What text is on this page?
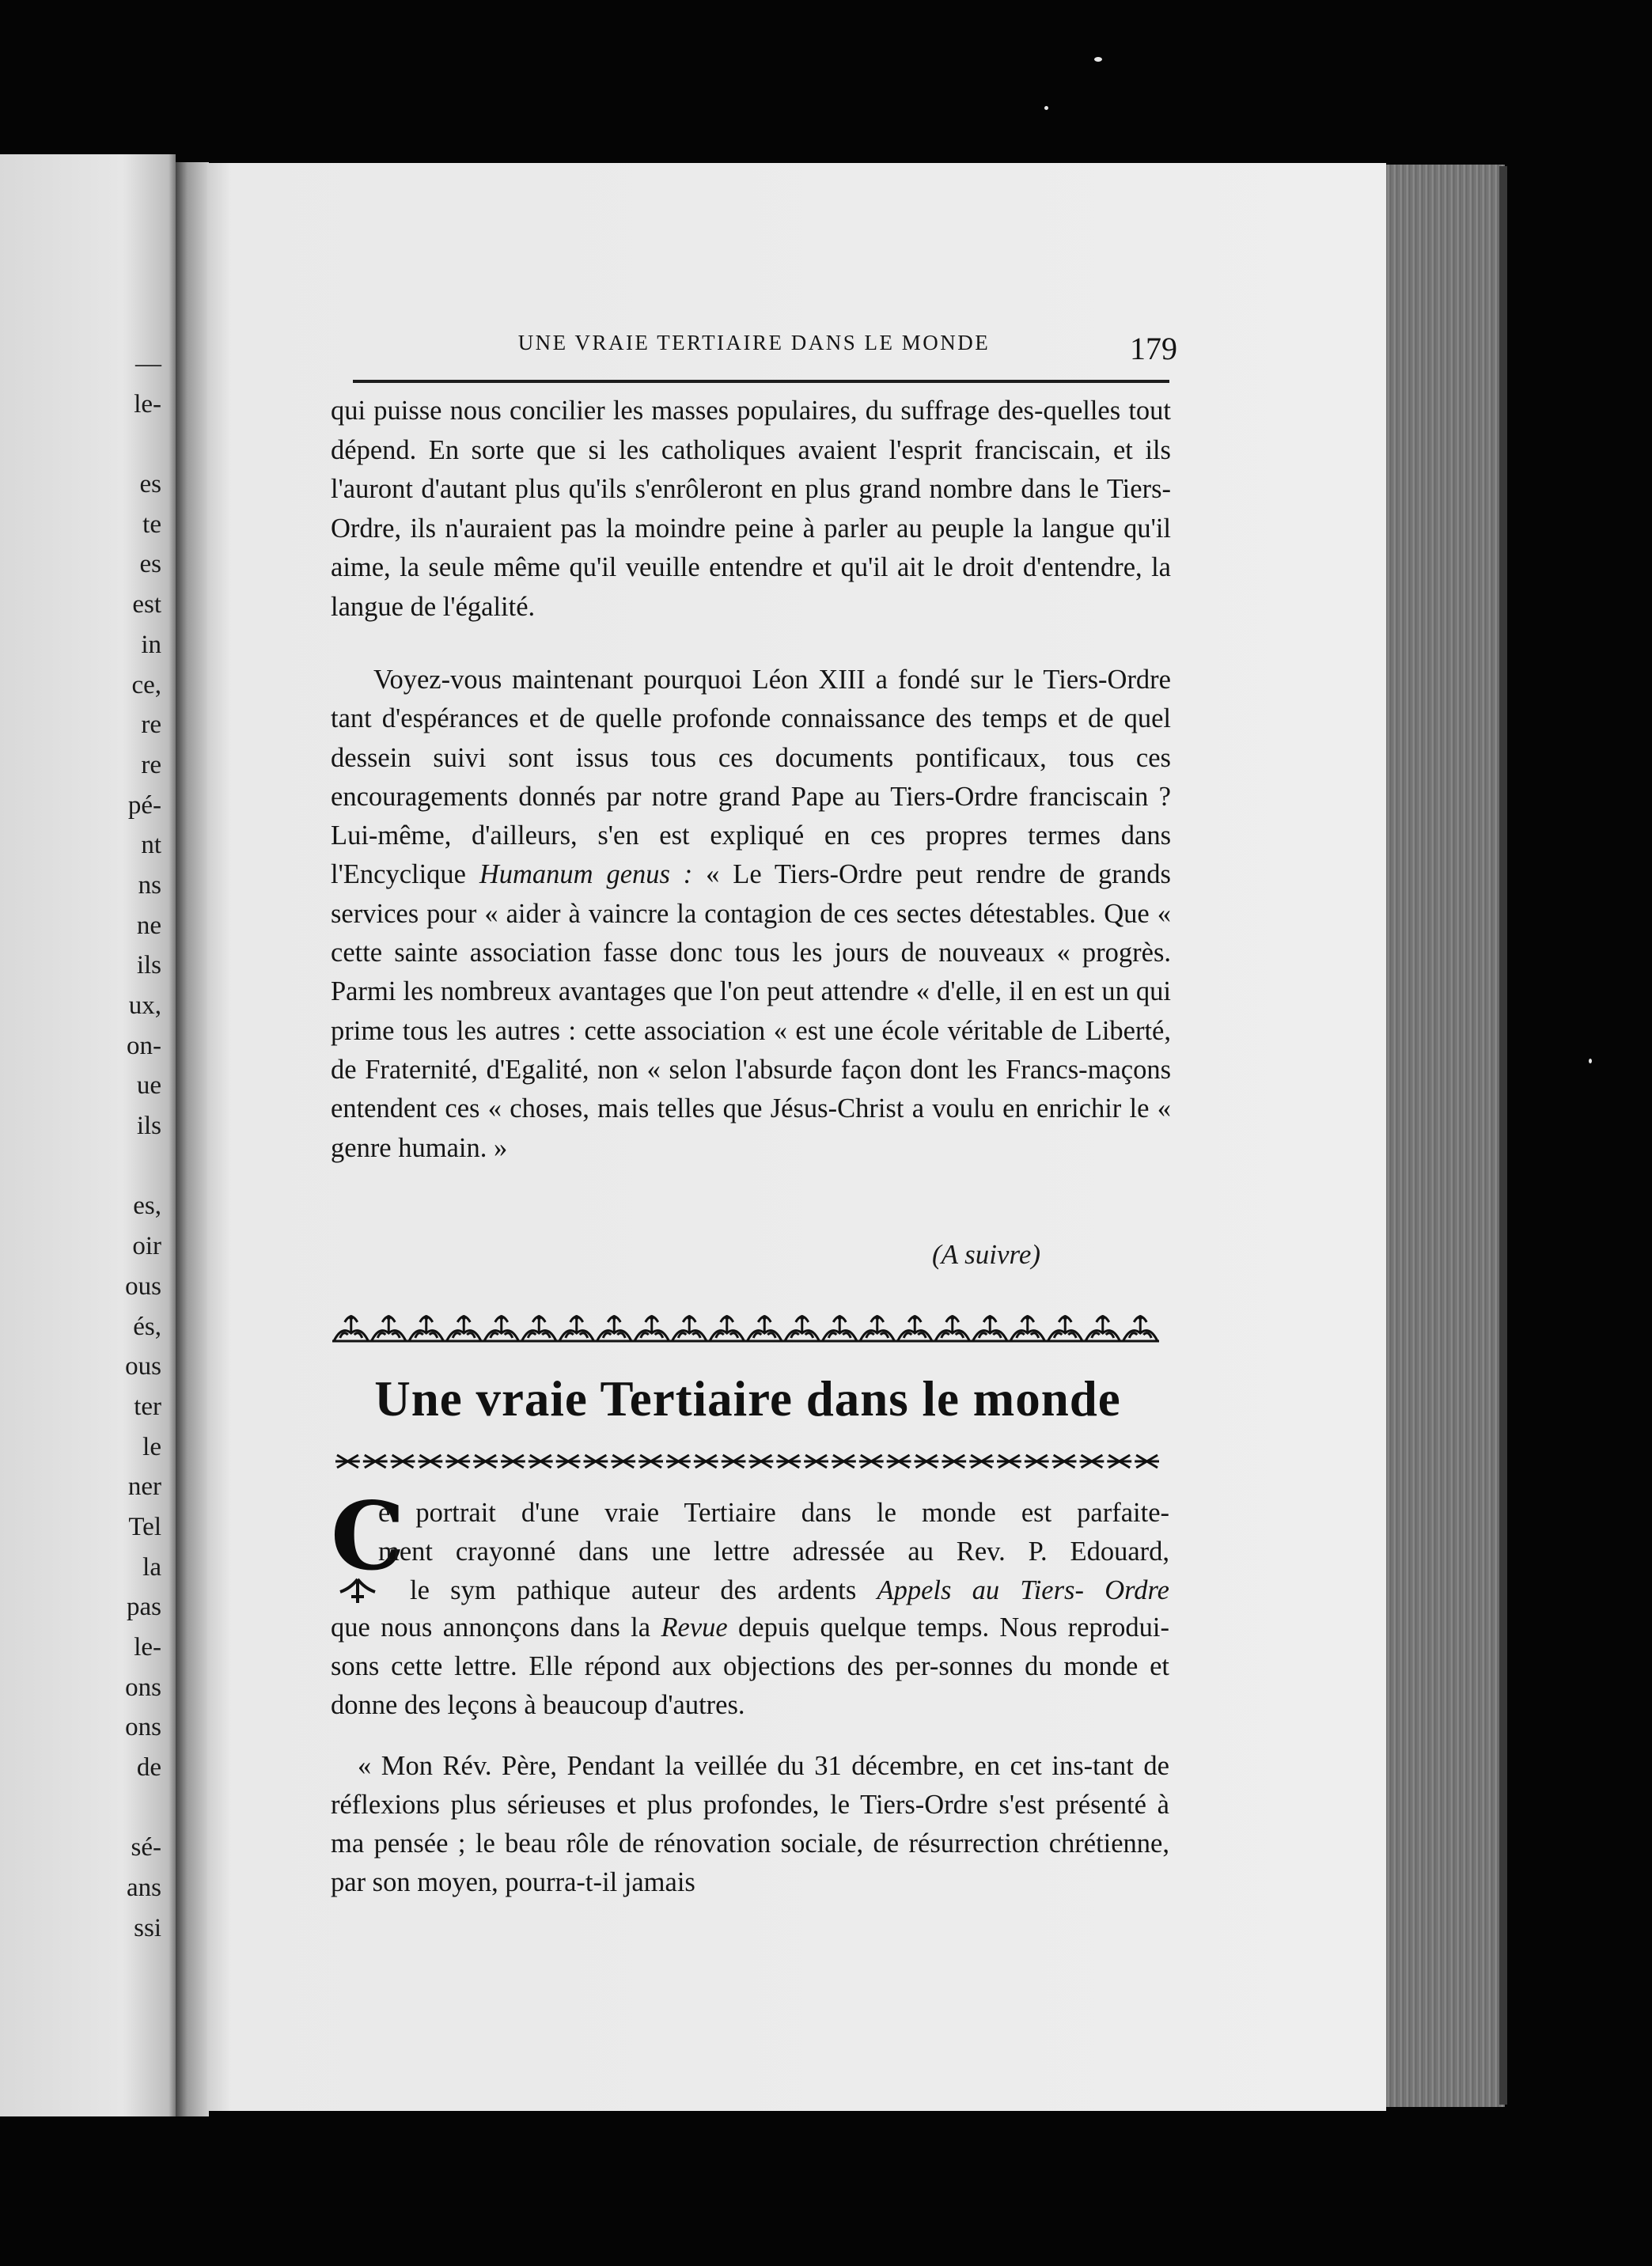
—
le-
es
te
es
est
in
ce,
re
re
pé-
nt
ns
ne
ils
ux,
on-
ue
ils
es,
oir
ous
és,
ous
ter
le
ner
Tel
la
pas
le-
ons
ons
de
sé-
ans
ssi
UNE VRAIE TERTIAIRE DANS LE MONDE	179

qui puisse nous concilier les masses populaires, du suffrage des-quelles tout dépend. En sorte que si les catholiques avaient l'esprit franciscain, et ils l'auront d'autant plus qu'ils s'enrôleront en plus grand nombre dans le Tiers-Ordre, ils n'auraient pas la moindre peine à parler au peuple la langue qu'il aime, la seule même qu'il veuille entendre et qu'il ait le droit d'entendre, la langue de l'égalité.

Voyez-vous maintenant pourquoi Léon XIII a fondé sur le Tiers-Ordre tant d'espérances et de quelle profonde connaissance des temps et de quel dessein suivi sont issus tous ces documents pontificaux, tous ces encouragements donnés par notre grand Pape au Tiers-Ordre franciscain ? Lui-même, d'ailleurs, s'en est expliqué en ces propres termes dans l'Encyclique Humanum genus : « Le Tiers-Ordre peut rendre de grands services pour « aider à vaincre la contagion de ces sectes détestables. Que « cette sainte association fasse donc tous les jours de nouveaux « progrès. Parmi les nombreux avantages que l'on peut attendre « d'elle, il en est un qui prime tous les autres : cette association « est une école véritable de Liberté, de Fraternité, d'Egalité, non « selon l'absurde façon dont les Francs-maçons entendent ces « choses, mais telles que Jésus-Christ a voulu en enrichir le « genre humain. »

(A suivre)
Une vraie Tertiaire dans le monde
C
e portrait d'une vraie Tertiaire dans le monde est parfaite-
ment crayonné dans une lettre adressée au Rev. P. Edouard,
le sym pathique auteur des ardents Appels au Tiers- Ordre
que nous annonçons dans la Revue depuis quelque temps. Nous reprodui- sons cette lettre. Elle répond aux objections des per-sonnes du monde et donne des leçons à beaucoup d'autres.
« Mon Rév. Père, Pendant la veillée du 31 décembre, en cet ins-tant de réflexions plus sérieuses et plus profondes, le Tiers-Ordre s'est présenté à ma pensée ; le beau rôle de rénovation sociale, de résurrection chrétienne, par son moyen, pourra-t-il jamais
